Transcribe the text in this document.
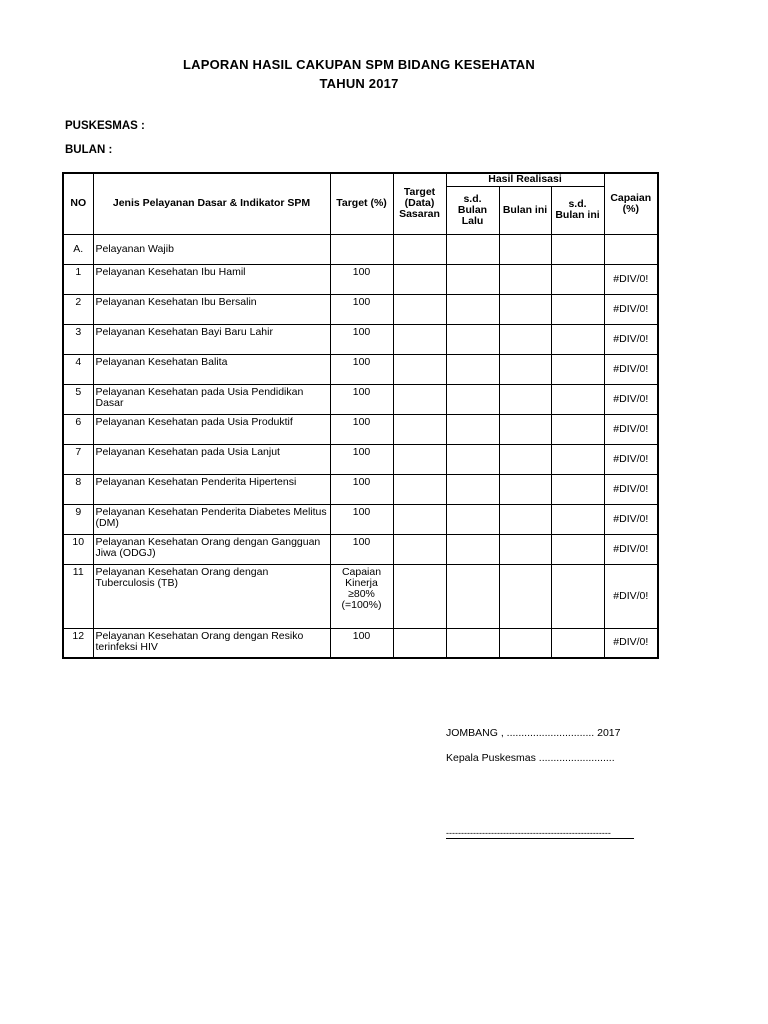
LAPORAN HASIL CAKUPAN SPM BIDANG KESEHATAN
TAHUN 2017
PUSKESMAS :
BULAN :
NO	Jenis Pelayanan Dasar & Indikator SPM	Target (%)	Target (Data) Sasaran	Hasil Realisasi			Capaian (%)
				s.d. Bulan Lalu	Bulan ini	s.d. Bulan ini	
A.	Pelayanan Wajib						
1	Pelayanan Kesehatan Ibu Hamil	100					#DIV/0!
2	Pelayanan Kesehatan Ibu Bersalin	100					#DIV/0!
3	Pelayanan Kesehatan Bayi Baru Lahir	100					#DIV/0!
4	Pelayanan Kesehatan Balita	100					#DIV/0!
5	Pelayanan Kesehatan pada Usia Pendidikan Dasar	100					#DIV/0!
6	Pelayanan Kesehatan pada Usia Produktif	100					#DIV/0!
7	Pelayanan Kesehatan pada Usia Lanjut	100					#DIV/0!
8	Pelayanan Kesehatan Penderita Hipertensi	100					#DIV/0!
9	Pelayanan Kesehatan Penderita Diabetes Melitus (DM)	100					#DIV/0!
10	Pelayanan Kesehatan Orang dengan Gangguan Jiwa (ODGJ)	100					#DIV/0!
11	Pelayanan Kesehatan Orang dengan Tuberculosis (TB)	Capaian Kinerja ≥80% (=100%)					#DIV/0!
12	Pelayanan Kesehatan Orang dengan Resiko terinfeksi HIV	100					#DIV/0!
JOMBANG , .............................. 2017
Kepala Puskesmas ..........................
-------------------------------------------------------
